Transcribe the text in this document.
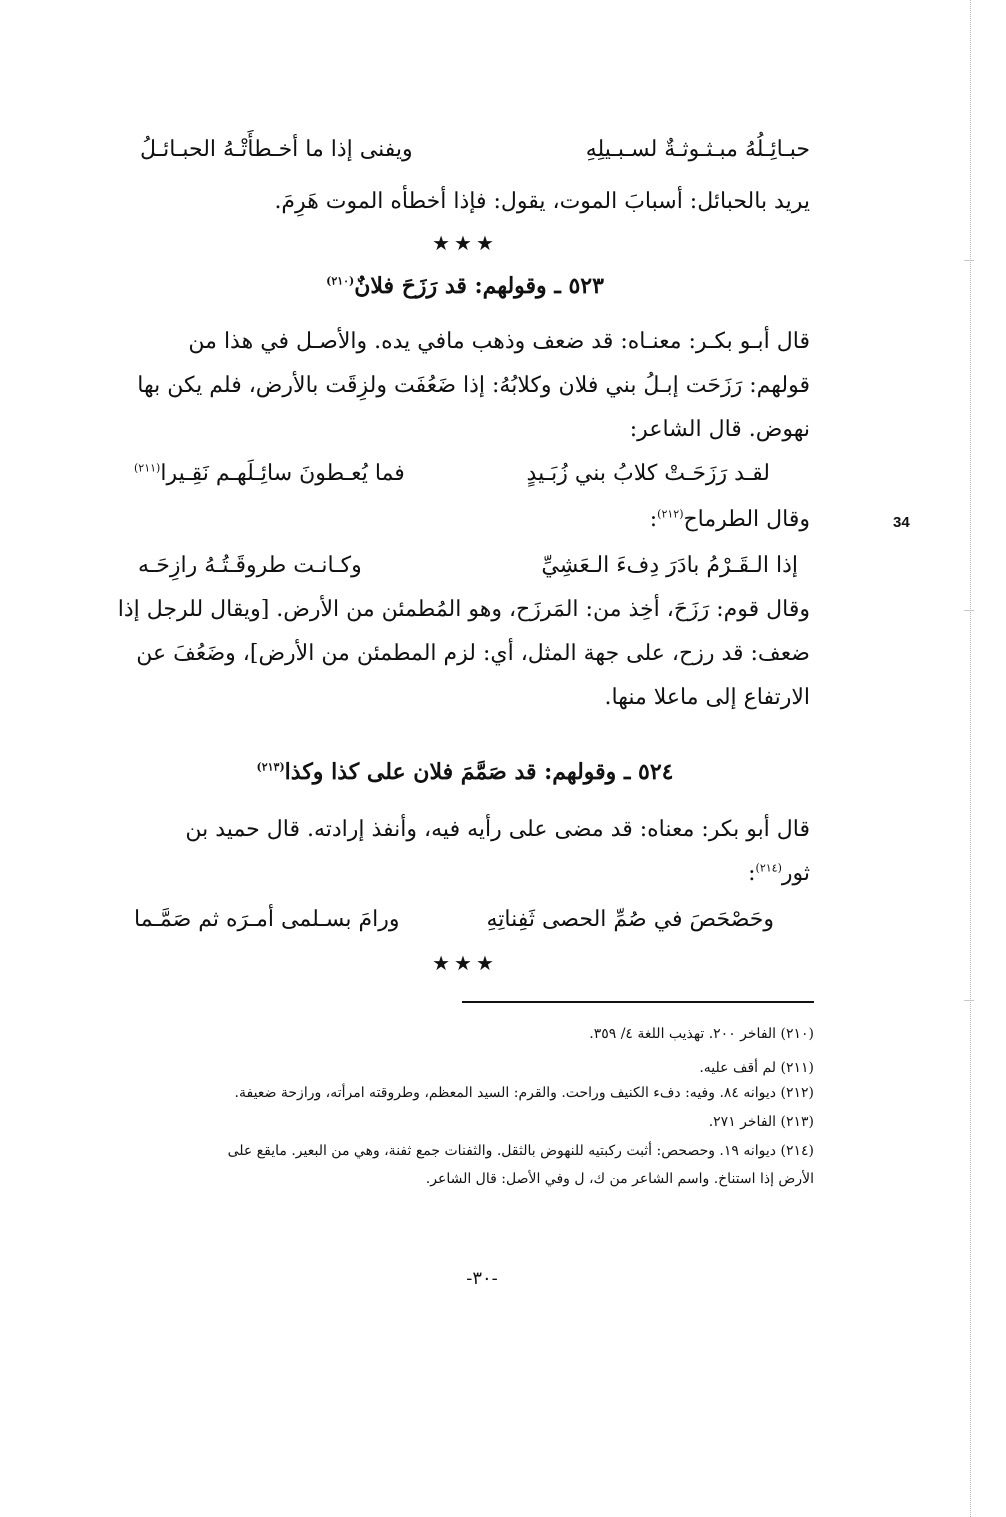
حبـائِـلُهُ مبـثـوثـةٌ لسـبـيلِهِ
ويفنى إذا ما أخـطأَتْـهُ الحبـائـلُ
يريد بالحبائل: أسبابَ الموت، يقول: فإذا أخطأه الموت هَرِمَ.
★★★
٥٢٣ ـ وقولهم: قد رَزَحَ فلانٌ$^{(٢١٠)}$
قال أبـو بكـر: معنـاه: قد ضعف وذهب مافي يده. والأصـل في هذا من
قولهم: رَزَحَت إبـلُ بني فلان وكلابُهُ: إذا ضَعُفَت ولزِقَت بالأرض، فلم يكن بها
نهوض. قال الشاعر:
لقـد رَزَحَـتْ كلابُ بني زُبَـيدٍ
فما يُعـطونَ سائِـلَهـم نَقِـيرا$^{(٢١١)}$
وقال الطرماح$^{(٢١٢)}$:	34
إذا الـقَـرْمُ بادَرَ دِفءَ الـعَشِيِّ
وكـانـت طروقَـتُـهُ رازِحَـه
وقال قوم: رَزَحَ، أخِذ من: المَرزَح، وهو المُطمئن من الأرض. [ويقال للرجل إذا
ضعف: قد رزح، على جهة المثل، أي: لزم المطمئن من الأرض]، وضَعُفَ عن
الارتفاع إلى ماعلا منها.
٥٢٤ ـ وقولهم: قد صَمَّمَ فلان على كذا وكذا$^{(٢١٣)}$
قال أبو بكر: معناه: قد مضى على رأيه فيه، وأنفذ إرادته. قال حميد بن
ثور$^{(٢١٤)}$:
وحَصْحَصَ في صُمِّ الحصى ثَفِناتِهِ
ورامَ بسـلمى أمـرَه ثم صَمَّـما
★★★
(٢١٠) الفاخر ٢٠٠. تهذيب اللغة ٤/ ٣٥٩.
(٢١١) لم أقف عليه.
(٢١٢) ديوانه ٨٤. وفيه: دفء الكنيف وراحت. والقرم: السيد المعظم، وطروقته امرأته، ورازحة ضعيفة.
(٢١٣) الفاخر ٢٧١.
(٢١٤) ديوانه ١٩. وحصحص: أثبت ركبتيه للنهوض بالثقل. والثفنات جمع ثفنة، وهي من البعير. مايقع على
الأرض إذا استناخ. واسم الشاعر من ك، ل وفي الأصل: قال الشاعر.
-٣٠-
